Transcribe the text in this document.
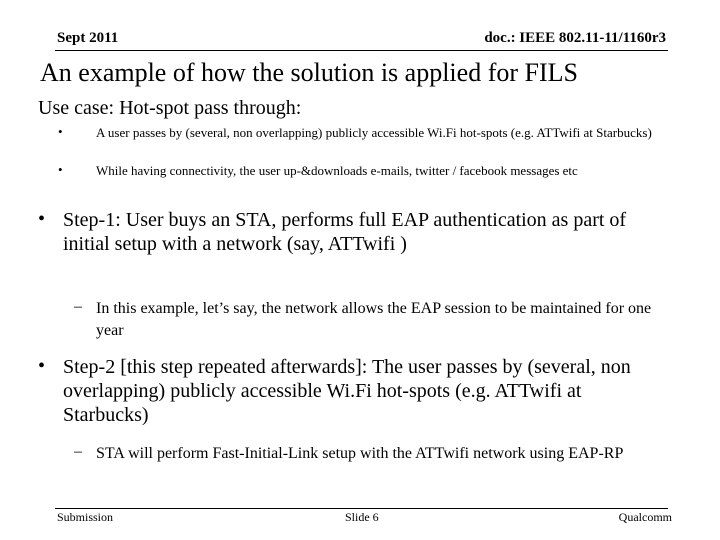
Sept 2011	doc.: IEEE 802.11-11/1160r3
An example of how the solution is applied for FILS
Use case: Hot-spot pass through:
•	A user passes by (several, non overlapping) publicly accessible Wi.Fi hot-spots (e.g. ATTwifi at Starbucks)
•	While having connectivity, the user up-&downloads e-mails, twitter / facebook messages etc
• Step-1: User buys an STA, performs full EAP authentication as part of initial setup with a network (say, ATTwifi )
– In this example, let’s say, the network allows the EAP session to be maintained for one year
• Step-2 [this step repeated afterwards]: The user passes by (several, non overlapping) publicly accessible Wi.Fi hot-spots (e.g. ATTwifi at Starbucks)
– STA will perform Fast-Initial-Link setup with the ATTwifi network using EAP-RP
Submission	Slide 6	Qualcomm
